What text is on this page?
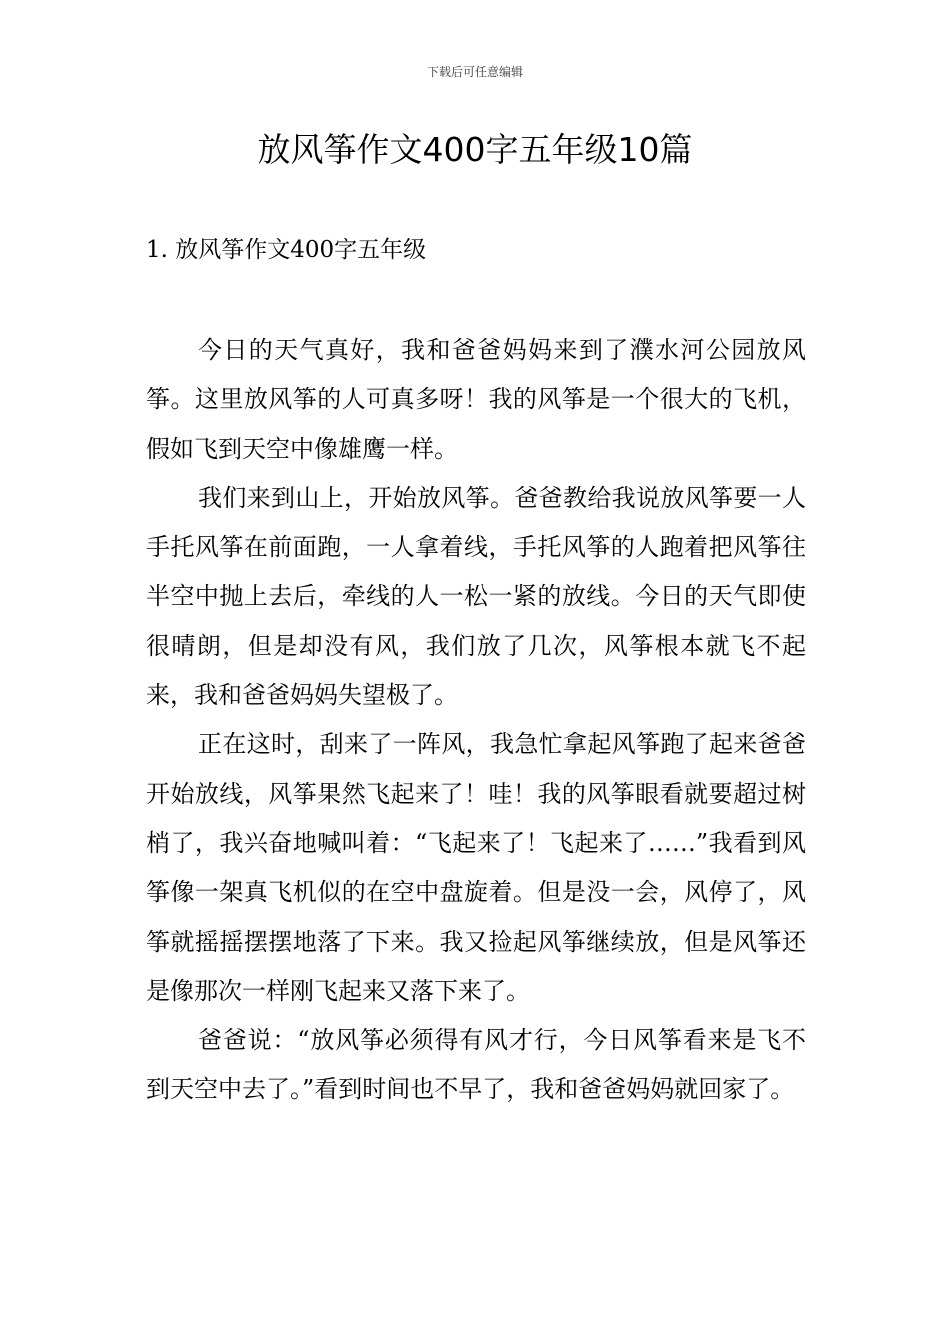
下载后可任意编辑
放风筝作文400字五年级10篇
1. 放风筝作文400字五年级

今日的天气真好，我和爸爸妈妈来到了濮水河公园放风筝。这里放风筝的人可真多呀！我的风筝是一个很大的飞机，假如飞到天空中像雄鹰一样。

我们来到山上，开始放风筝。爸爸教给我说放风筝要一人手托风筝在前面跑，一人拿着线，手托风筝的人跑着把风筝往半空中抛上去后，牵线的人一松一紧的放线。今日的天气即使很晴朗，但是却没有风，我们放了几次，风筝根本就飞不起来，我和爸爸妈妈失望极了。

正在这时，刮来了一阵风，我急忙拿起风筝跑了起来爸爸开始放线，风筝果然飞起来了！哇！我的风筝眼看就要超过树梢了，我兴奋地喊叫着：“飞起来了！飞起来了……”我看到风筝像一架真飞机似的在空中盘旋着。但是没一会，风停了，风筝就摇摇摆摆地落了下来。我又捡起风筝继续放，但是风筝还是像那次一样刚飞起来又落下来了。

爸爸说：“放风筝必须得有风才行，今日风筝看来是飞不到天空中去了。”看到时间也不早了，我和爸爸妈妈就回家了。
